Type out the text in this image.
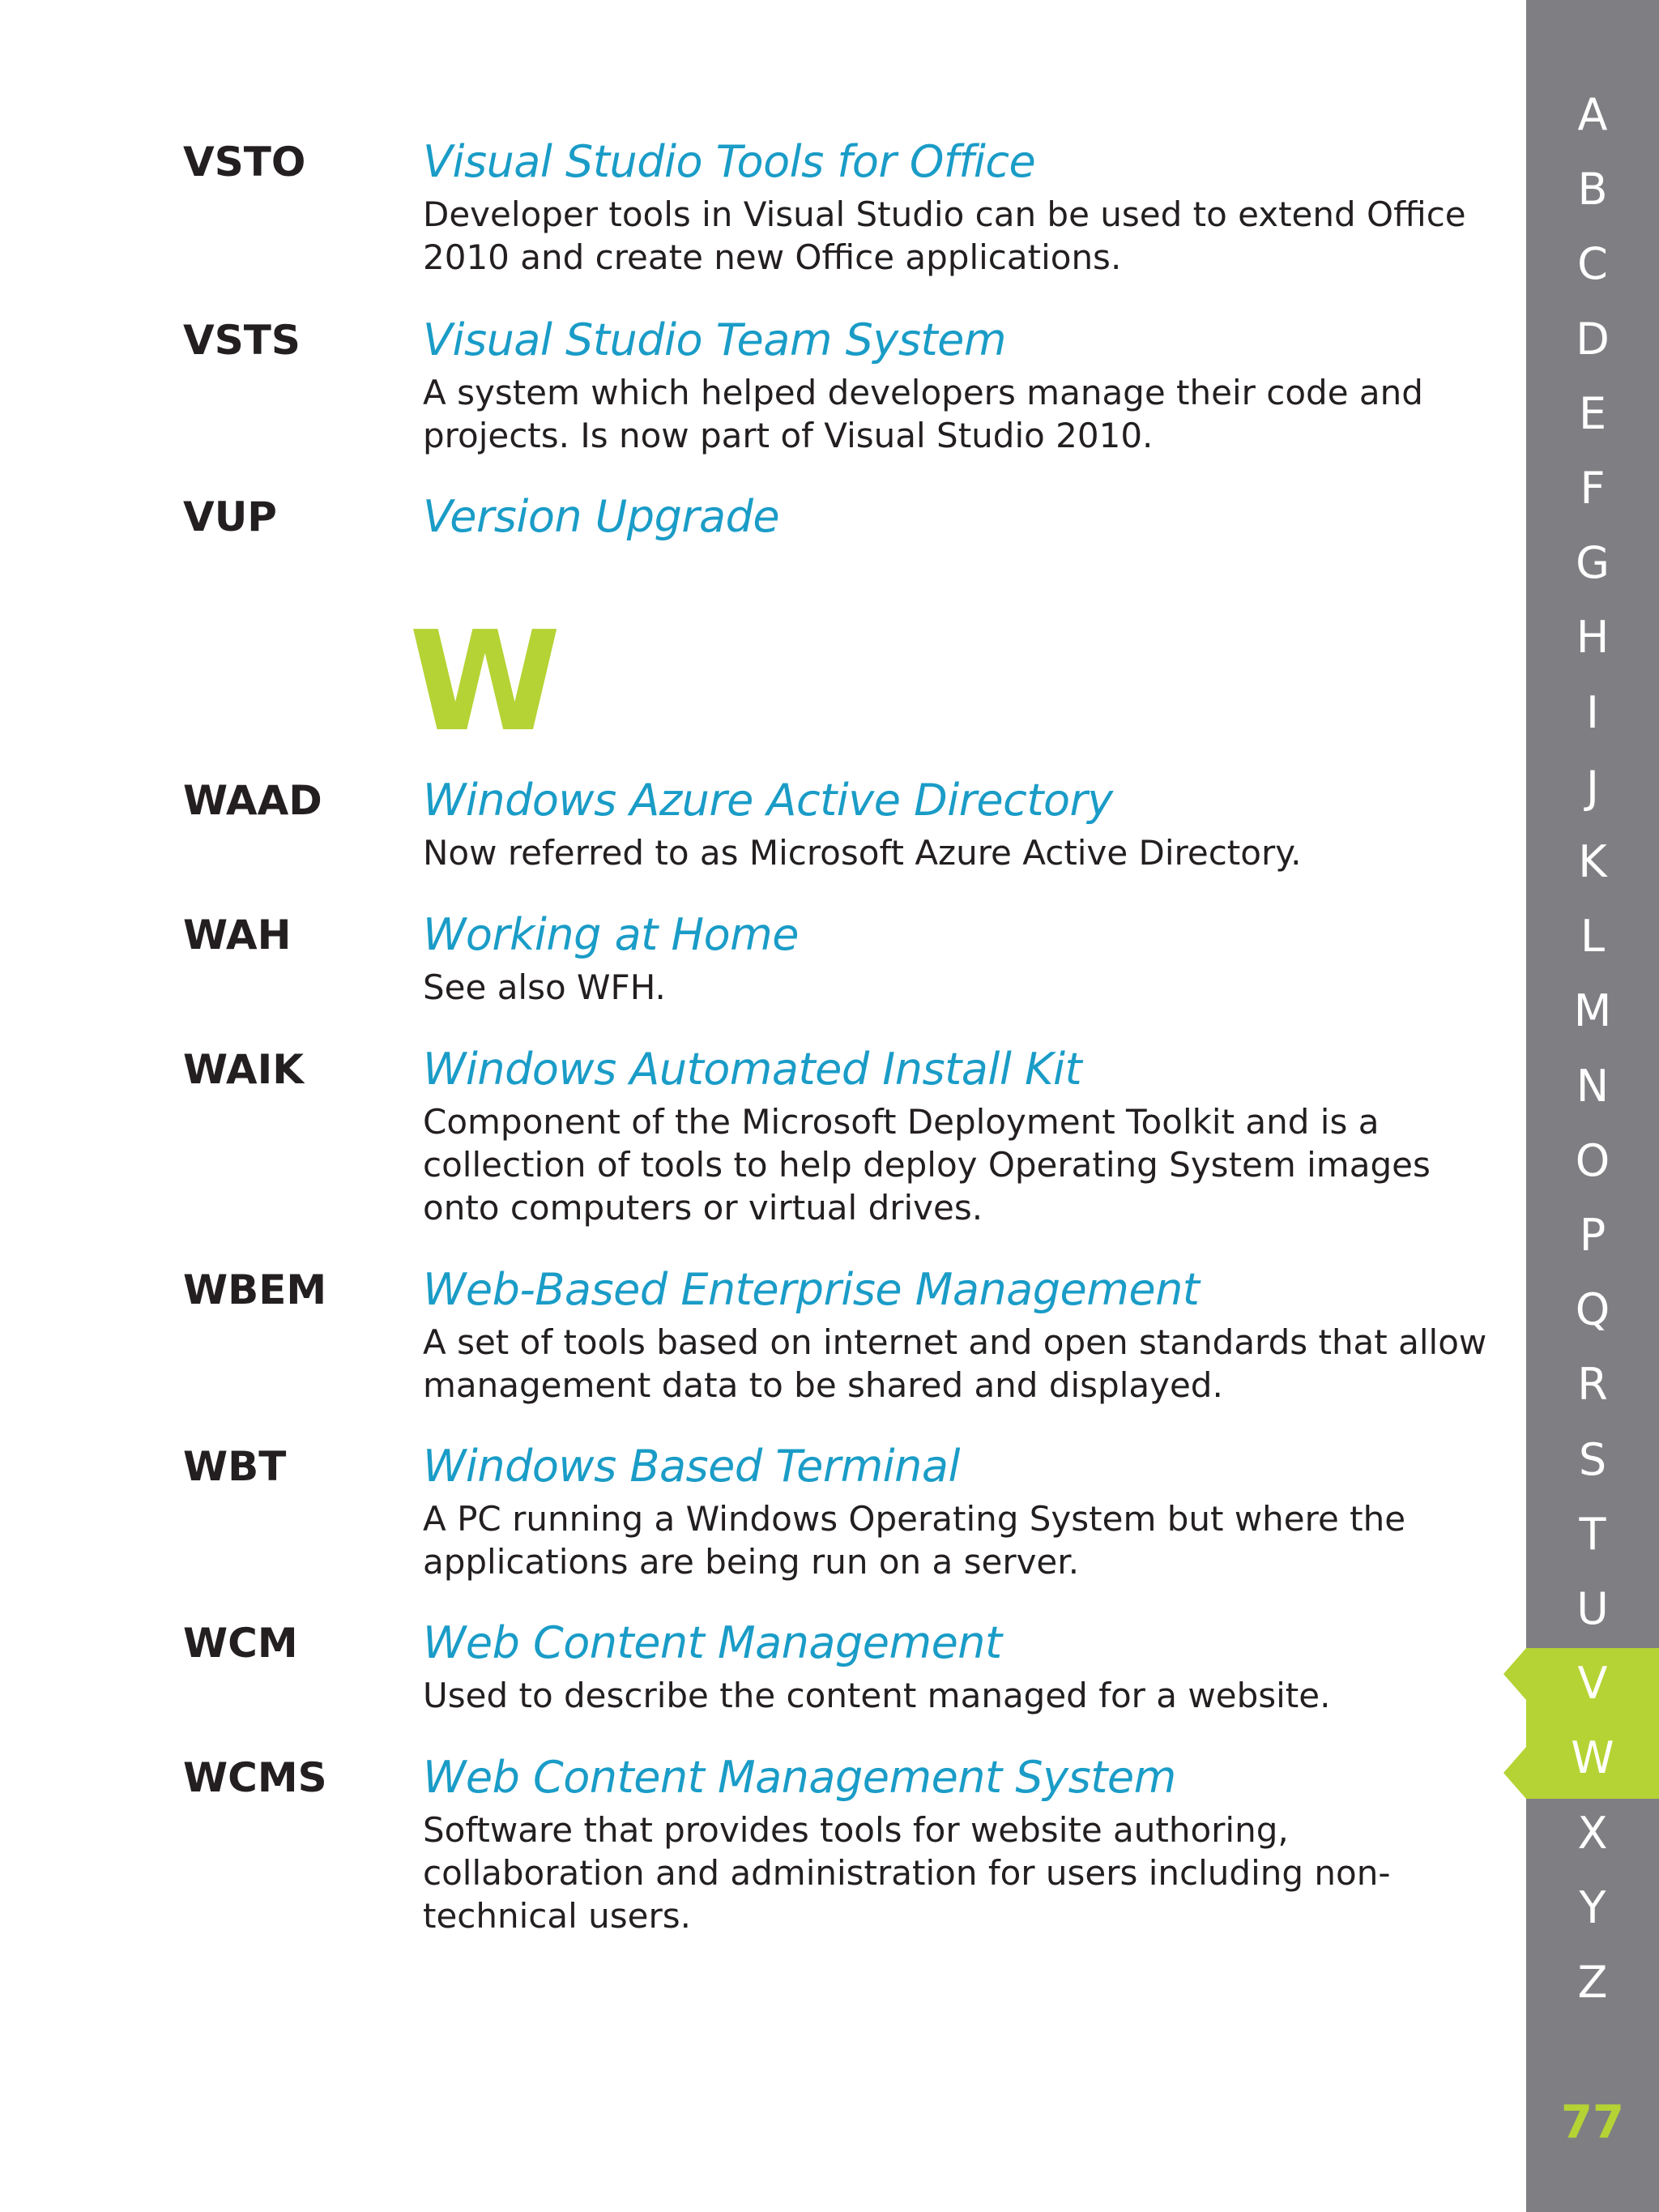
VSTO	Visual Studio Tools for Office
Developer tools in Visual Studio can be used to extend Office
2010 and create new Office applications.
VSTS	Visual Studio Team System
A system which helped developers manage their code and
projects. Is now part of Visual Studio 2010.
VUP	Version Upgrade
WAAD Windows Azure Active Directory
Now referred to as Microsoft Azure Active Directory.
WAH	Working at Home
See also WFH.
WAIK	Windows Automated Install Kit
Component of the Microsoft Deployment Toolkit and is a
collection of tools to help deploy Operating System images
onto computers or virtual drives.
WBEM Web-Based Enterprise Management
A set of tools based on internet and open standards that allow
management data to be shared and displayed.
WBT	Windows Based Terminal
A PC running a Windows Operating System but where the
applications are being run on a server.
WCM	Web Content Management
Used to describe the content managed for a website.
WCMS Web Content Management System
Software that provides tools for website authoring,
collaboration and administration for users including non-
technical users.
W
A
B
C
D
E
F
G
H
I
J
K
L
M
N
O
P
Q
R
S
T
U
V
W
X
Y
Z
77
